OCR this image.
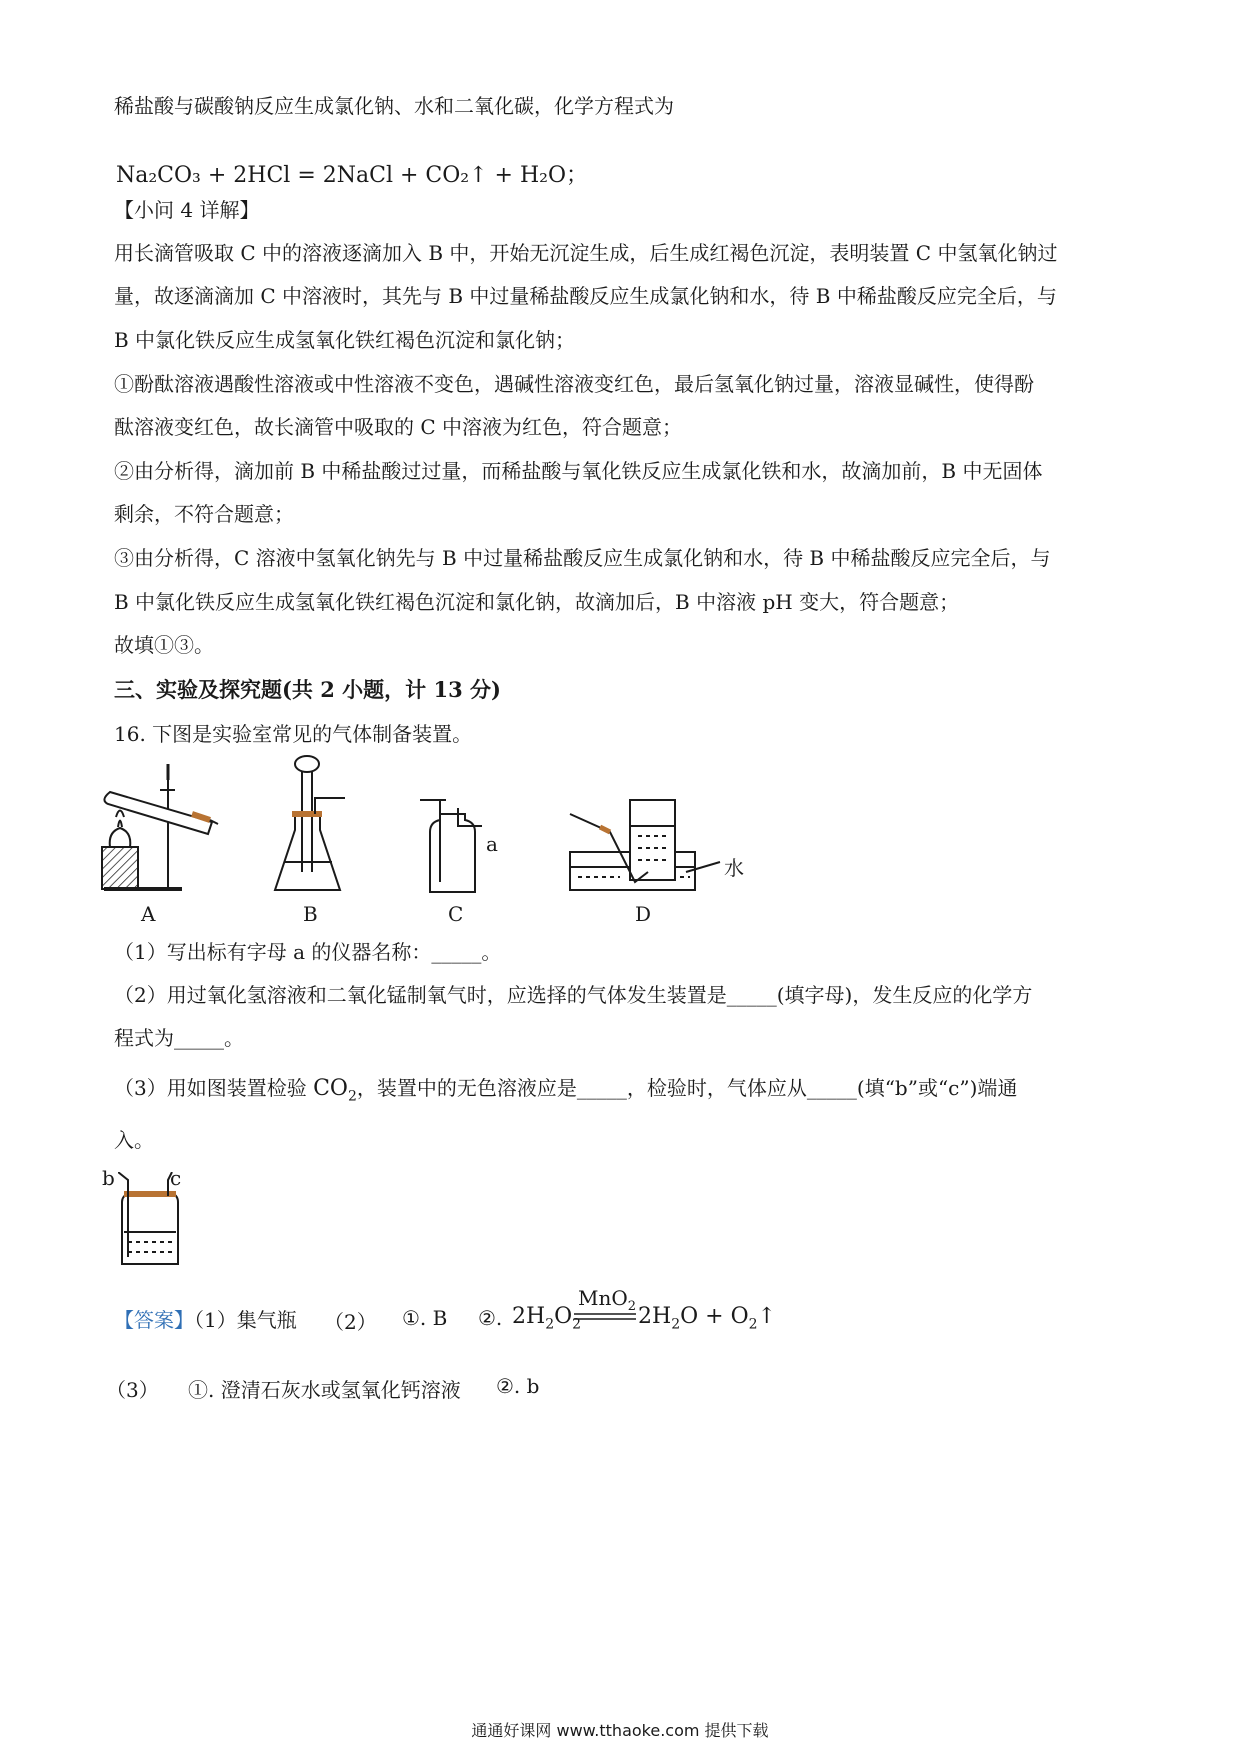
稀盐酸与碳酸钠反应生成氯化钠、水和二氧化碳，化学方程式为
Na₂CO₃ + 2HCl = 2NaCl + CO₂↑ + H₂O；
【小问 4 详解】
用长滴管吸取 C 中的溶液逐滴加入 B 中，开始无沉淀生成，后生成红褐色沉淀，表明装置 C 中氢氧化钠过
量，故逐滴滴加 C 中溶液时，其先与 B 中过量稀盐酸反应生成氯化钠和水，待 B 中稀盐酸反应完全后，与
B 中氯化铁反应生成氢氧化铁红褐色沉淀和氯化钠；
①酚酞溶液遇酸性溶液或中性溶液不变色，遇碱性溶液变红色，最后氢氧化钠过量，溶液显碱性，使得酚
酞溶液变红色，故长滴管中吸取的 C 中溶液为红色，符合题意；
②由分析得，滴加前 B 中稀盐酸过过量，而稀盐酸与氧化铁反应生成氯化铁和水，故滴加前，B 中无固体
剩余，不符合题意；
③由分析得，C 溶液中氢氧化钠先与 B 中过量稀盐酸反应生成氯化钠和水，待 B 中稀盐酸反应完全后，与
B 中氯化铁反应生成氢氧化铁红褐色沉淀和氯化钠，故滴加后，B 中溶液 pH 变大，符合题意；
故填①③。
三、实验及探究题(共 2 小题，计 13 分)
16. 下图是实验室常见的气体制备装置。
a
水
A	B	C	D
（1）写出标有字母 a 的仪器名称：_____。
（2）用过氧化氢溶液和二氧化锰制氧气时，应选择的气体发生装置是_____(填字母)，发生反应的化学方
程式为_____。
（3）用如图装置检验 $CO_2$，装置中的无色溶液应是_____，检验时，气体应从_____(填“b”或“c”)端通
入。
b	c
【答案】（1）集气瓶	（2） ①. B ②. $2H_2O_2$
MnO$_2$ $2H_2O$ + $O_2↑$
（3） ①. 澄清石灰水或氢氧化钙溶液 ②. b
通通好课网 www.tthaoke.com 提供下载
